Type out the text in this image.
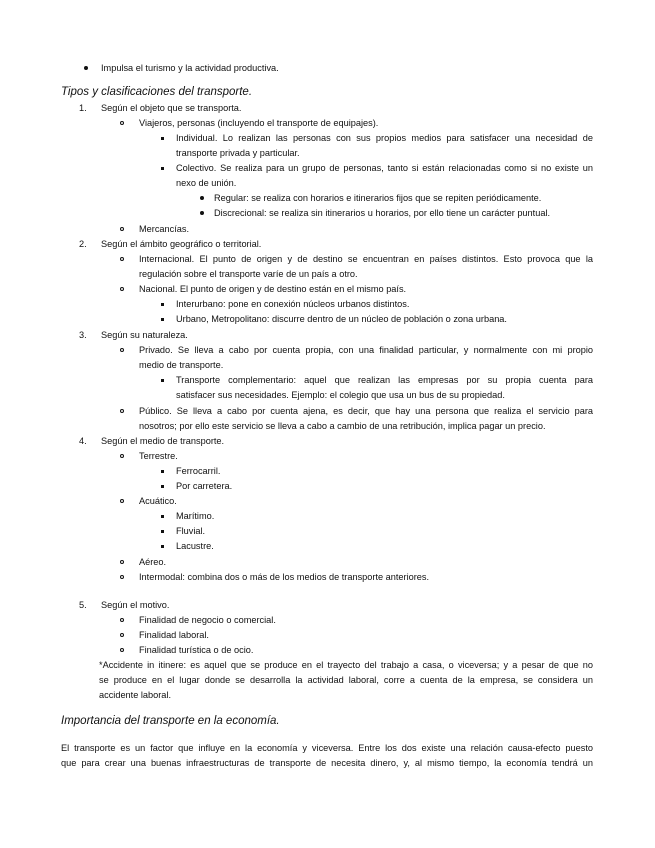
Impulsa el turismo y la actividad productiva.
Tipos y clasificaciones del transporte.
1. Según el objeto que se transporta.
Viajeros, personas (incluyendo el transporte de equipajes).
Individual. Lo realizan las personas con sus propios medios para satisfacer una necesidad de
transporte privada y particular.
Colectivo. Se realiza para un grupo de personas, tanto si están relacionadas como si no existe un
nexo de unión.
Regular: se realiza con horarios e itinerarios fijos que se repiten periódicamente.
Discrecional: se realiza sin itinerarios u horarios, por ello tiene un carácter puntual.
Mercancías.
2. Según el ámbito geográfico o territorial.
Internacional. El punto de origen y de destino se encuentran en países distintos. Esto provoca que la
regulación sobre el transporte varíe de un país a otro.
Nacional. El punto de origen y de destino están en el mismo país.
Interurbano: pone en conexión núcleos urbanos distintos.
Urbano, Metropolitano: discurre dentro de un núcleo de población o zona urbana.
3. Según su naturaleza.
Privado. Se lleva a cabo por cuenta propia, con una finalidad particular, y normalmente con mi propio
medio de transporte.
Transporte complementario: aquel que realizan las empresas por su propia cuenta para
satisfacer sus necesidades. Ejemplo: el colegio que usa un bus de su propiedad.
Público. Se lleva a cabo por cuenta ajena, es decir, que hay una persona que realiza el servicio para
nosotros; por ello este servicio se lleva a cabo a cambio de una retribución, implica pagar un precio.
4. Según el medio de transporte.
Terrestre.
Ferrocarril.
Por carretera.
Acuático.
Marítimo.
Fluvial.
Lacustre.
Aéreo.
Intermodal: combina dos o más de los medios de transporte anteriores.
5. Según el motivo.
Finalidad de negocio o comercial.
Finalidad laboral.
Finalidad turística o de ocio.
*Accidente in itinere: es aquel que se produce en el trayecto del trabajo a casa, o viceversa; y a pesar de que no
se produce en el lugar donde se desarrolla la actividad laboral, corre a cuenta de la empresa, se considera un
accidente laboral.
Importancia del transporte en la economía.
El transporte es un factor que influye en la economía y viceversa. Entre los dos existe una relación causa-efecto puesto
que para crear una buenas infraestructuras de transporte de necesita dinero, y, al mismo tiempo, la economía tendrá un
